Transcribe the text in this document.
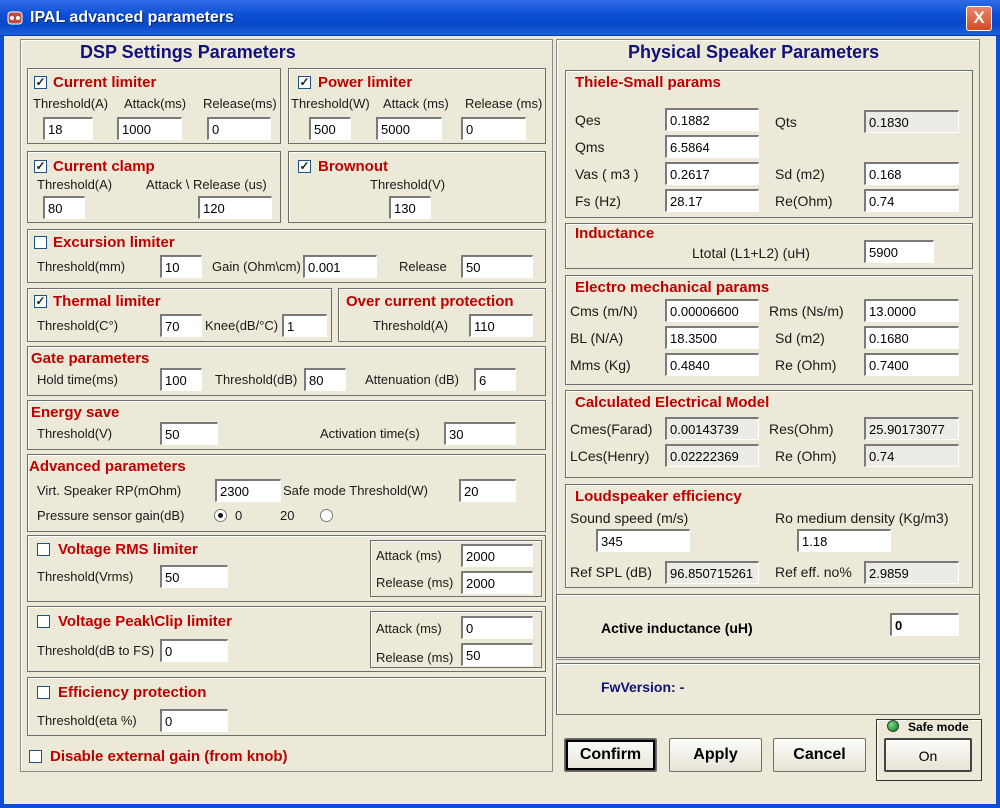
IPAL advanced parameters	X
DSP Settings Parameters
✓ Current limiter
Threshold(A) Attack(ms) Release(ms)
18	1000	0
✓ Power limiter
Threshold(W) Attack (ms) Release (ms)
500	5000	0
✓ Current clamp
Threshold(A)	Attack \ Release (us)
80	120
✓ Brownout
Threshold(V)
130
Excursion limiter
Threshold(mm)	10	Gain (Ohm\cm) 0.001	Release	50
✓ Thermal limiter
Threshold(C°)	70	Knee(dB/°C) 1
Over current protection
Threshold(A)	110
Gate parameters
Hold time(ms)	100	Threshold(dB) 80	Attenuation (dB)	6
Energy save
Threshold(V)	50	Activation time(s)	30
Advanced parameters
Virt. Speaker RP(mOhm)	2300	Safe mode Threshold(W)	20
Pressure sensor gain(dB)	0	20
Voltage RMS limiter
Threshold(Vrms)	50
Attack (ms)	2000
Release (ms) 2000
Voltage Peak\Clip limiter
Threshold(dB to FS) 0
Attack (ms)	0
Release (ms) 50
Efficiency protection
Threshold(eta %)	0
Disable external gain (from knob)
Physical Speaker Parameters
Thiele-Small params
Qes	0.1882	Qts	0.1830
Qms	6.5864
Vas ( m3 )	0.2617	Sd (m2)	0.168
Fs (Hz)	28.17	Re(Ohm)	0.74
Inductance
Ltotal (L1+L2) (uH)	5900
Electro mechanical params
Cms (m/N)	0.00006600	Rms (Ns/m)	13.0000
BL (N/A)	18.3500	Sd (m2)	0.1680
Mms (Kg)	0.4840	Re (Ohm)	0.7400
Calculated Electrical Model
Cmes(Farad)	0.00143739	Res(Ohm)	25.90173077
LCes(Henry)	0.02222369	Re (Ohm)	0.74
Loudspeaker efficiency
Sound speed (m/s)
345
Ro medium density (Kg/m3)
1.18
Ref SPL (dB)	96.850715261	Ref eff. no%	2.9859
Active inductance (uH)	0
FwVersion: -
Confirm	Apply	Cancel
Safe mode
On
